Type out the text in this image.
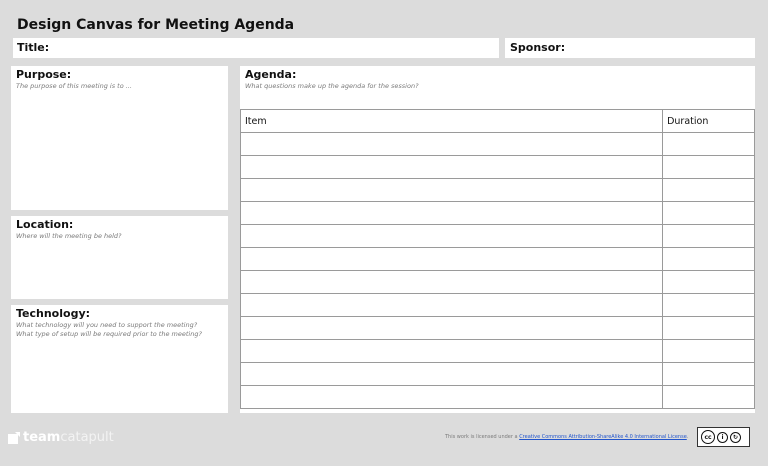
Design Canvas for Meeting Agenda
Title:	Sponsor:
Purpose:
The purpose of this meeting is to ...
Location:
Where will the meeting be held?
Technology:
What technology will you need to support the meeting?
What type of setup will be required prior to the meeting?
Agenda:
What questions make up the agenda for the session?
Item	Duration

teamcatapult	This work is licensed under a Creative Commons Attribution-ShareAlike 4.0 International License.	cc	i	↻
